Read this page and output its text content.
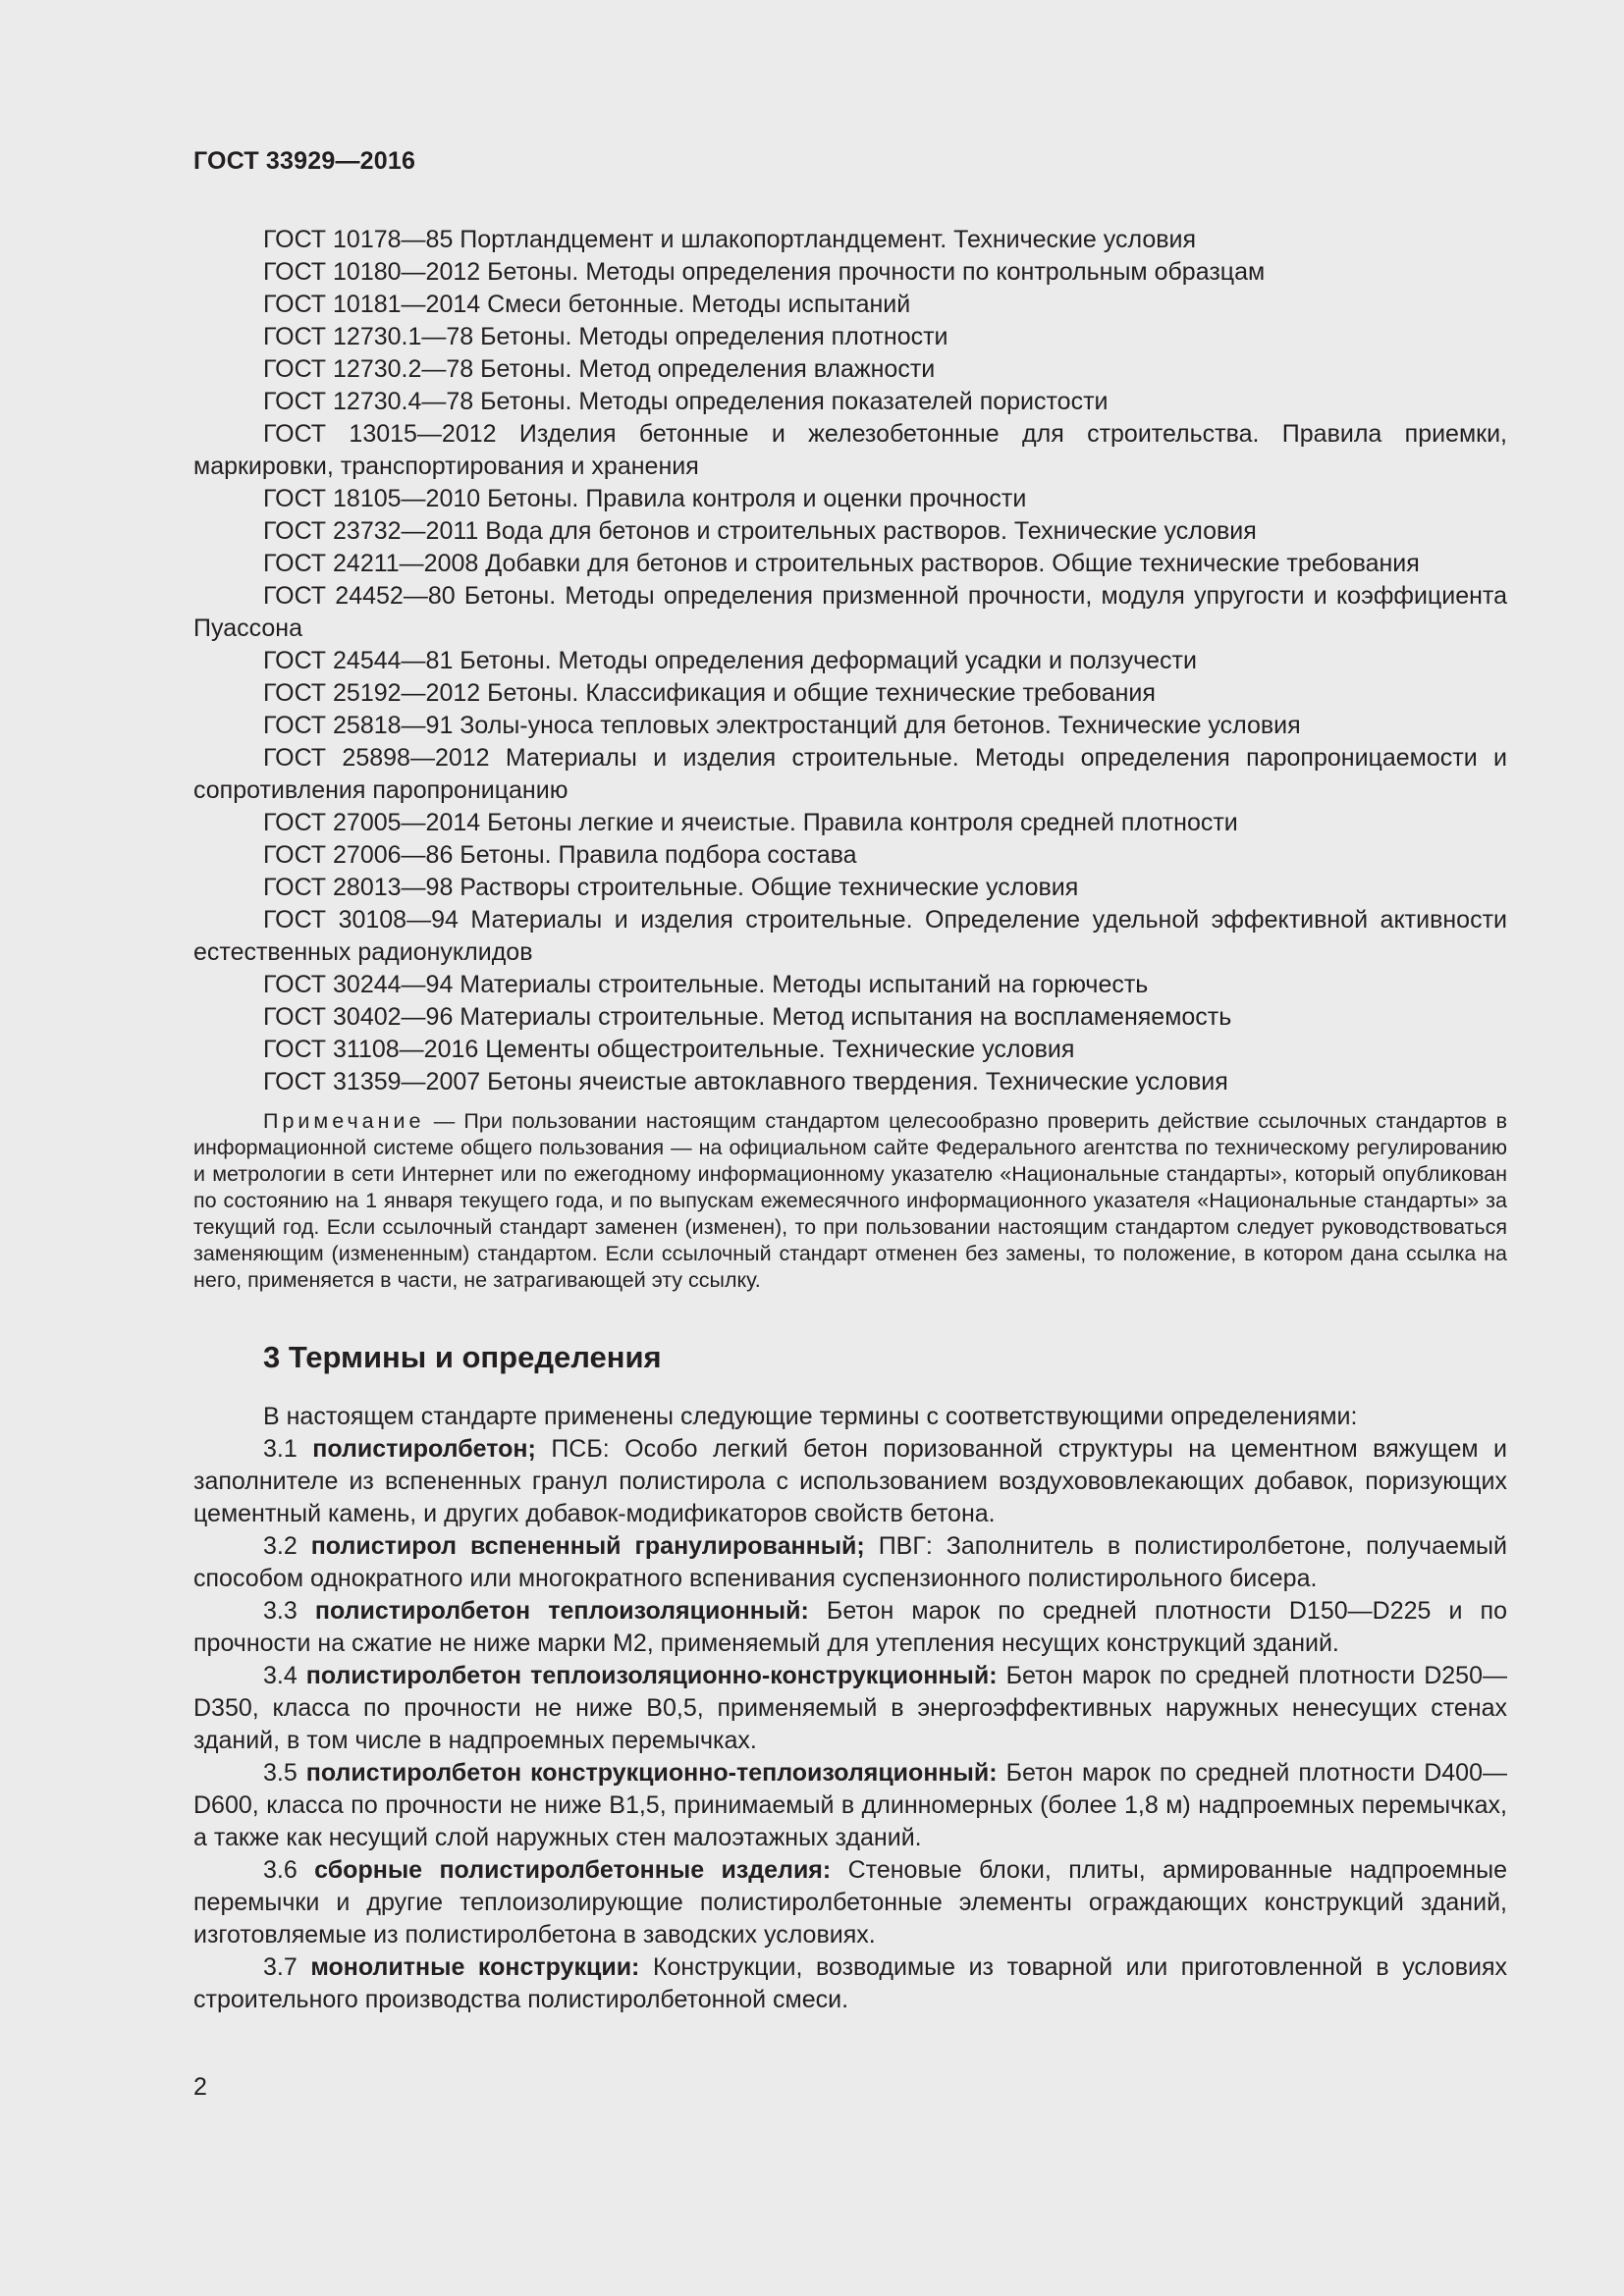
ГОСТ 33929—2016

ГОСТ 10178—85 Портландцемент и шлакопортландцемент. Технические условия

ГОСТ 10180—2012 Бетоны. Методы определения прочности по контрольным образцам

ГОСТ 10181—2014 Смеси бетонные. Методы испытаний

ГОСТ 12730.1—78 Бетоны. Методы определения плотности

ГОСТ 12730.2—78 Бетоны. Метод определения влажности

ГОСТ 12730.4—78 Бетоны. Методы определения показателей пористости

ГОСТ 13015—2012 Изделия бетонные и железобетонные для строительства. Правила приемки, маркировки, транспортирования и хранения

ГОСТ 18105—2010 Бетоны. Правила контроля и оценки прочности

ГОСТ 23732—2011 Вода для бетонов и строительных растворов. Технические условия

ГОСТ 24211—2008 Добавки для бетонов и строительных растворов. Общие технические требования

ГОСТ 24452—80 Бетоны. Методы определения призменной прочности, модуля упругости и коэффициента Пуассона

ГОСТ 24544—81 Бетоны. Методы определения деформаций усадки и ползучести

ГОСТ 25192—2012 Бетоны. Классификация и общие технические требования

ГОСТ 25818—91 Золы-уноса тепловых электростанций для бетонов. Технические условия

ГОСТ 25898—2012 Материалы и изделия строительные. Методы определения паропроницаемости и сопротивления паропроницанию

ГОСТ 27005—2014 Бетоны легкие и ячеистые. Правила контроля средней плотности

ГОСТ 27006—86 Бетоны. Правила подбора состава

ГОСТ 28013—98 Растворы строительные. Общие технические условия

ГОСТ 30108—94 Материалы и изделия строительные. Определение удельной эффективной активности естественных радионуклидов

ГОСТ 30244—94 Материалы строительные. Методы испытаний на горючесть

ГОСТ 30402—96 Материалы строительные. Метод испытания на воспламеняемость

ГОСТ 31108—2016 Цементы общестроительные. Технические условия

ГОСТ 31359—2007 Бетоны ячеистые автоклавного твердения. Технические условия

Примечание — При пользовании настоящим стандартом целесообразно проверить действие ссылочных стандартов в информационной системе общего пользования — на официальном сайте Федерального агентства по техническому регулированию и метрологии в сети Интернет или по ежегодному информационному указателю «Национальные стандарты», который опубликован по состоянию на 1 января текущего года, и по выпускам ежемесячного информационного указателя «Национальные стандарты» за текущий год. Если ссылочный стандарт заменен (изменен), то при пользовании настоящим стандартом следует руководствоваться заменяющим (измененным) стандартом. Если ссылочный стандарт отменен без замены, то положение, в котором дана ссылка на него, применяется в части, не затрагивающей эту ссылку.

3 Термины и определения

В настоящем стандарте применены следующие термины с соответствующими определениями:

3.1 полистиролбетон; ПСБ: Особо легкий бетон поризованной структуры на цементном вяжущем и заполнителе из вспененных гранул полистирола с использованием воздухововлекающих добавок, поризующих цементный камень, и других добавок-модификаторов свойств бетона.

3.2 полистирол вспененный гранулированный; ПВГ: Заполнитель в полистиролбетоне, получаемый способом однократного или многократного вспенивания суспензионного полистирольного бисера.

3.3 полистиролбетон теплоизоляционный: Бетон марок по средней плотности D150—D225 и по прочности на сжатие не ниже марки М2, применяемый для утепления несущих конструкций зданий.

3.4 полистиролбетон теплоизоляционно-конструкционный: Бетон марок по средней плотности D250—D350, класса по прочности не ниже В0,5, применяемый в энергоэффективных наружных ненесущих стенах зданий, в том числе в надпроемных перемычках.

3.5 полистиролбетон конструкционно-теплоизоляционный: Бетон марок по средней плотности D400—D600, класса по прочности не ниже В1,5, принимаемый в длинномерных (более 1,8 м) надпроемных перемычках, а также как несущий слой наружных стен малоэтажных зданий.

3.6 сборные полистиролбетонные изделия: Стеновые блоки, плиты, армированные надпроемные перемычки и другие теплоизолирующие полистиролбетонные элементы ограждающих конструкций зданий, изготовляемые из полистиролбетона в заводских условиях.

3.7 монолитные конструкции: Конструкции, возводимые из товарной или приготовленной в условиях строительного производства полистиролбетонной смеси.

2
